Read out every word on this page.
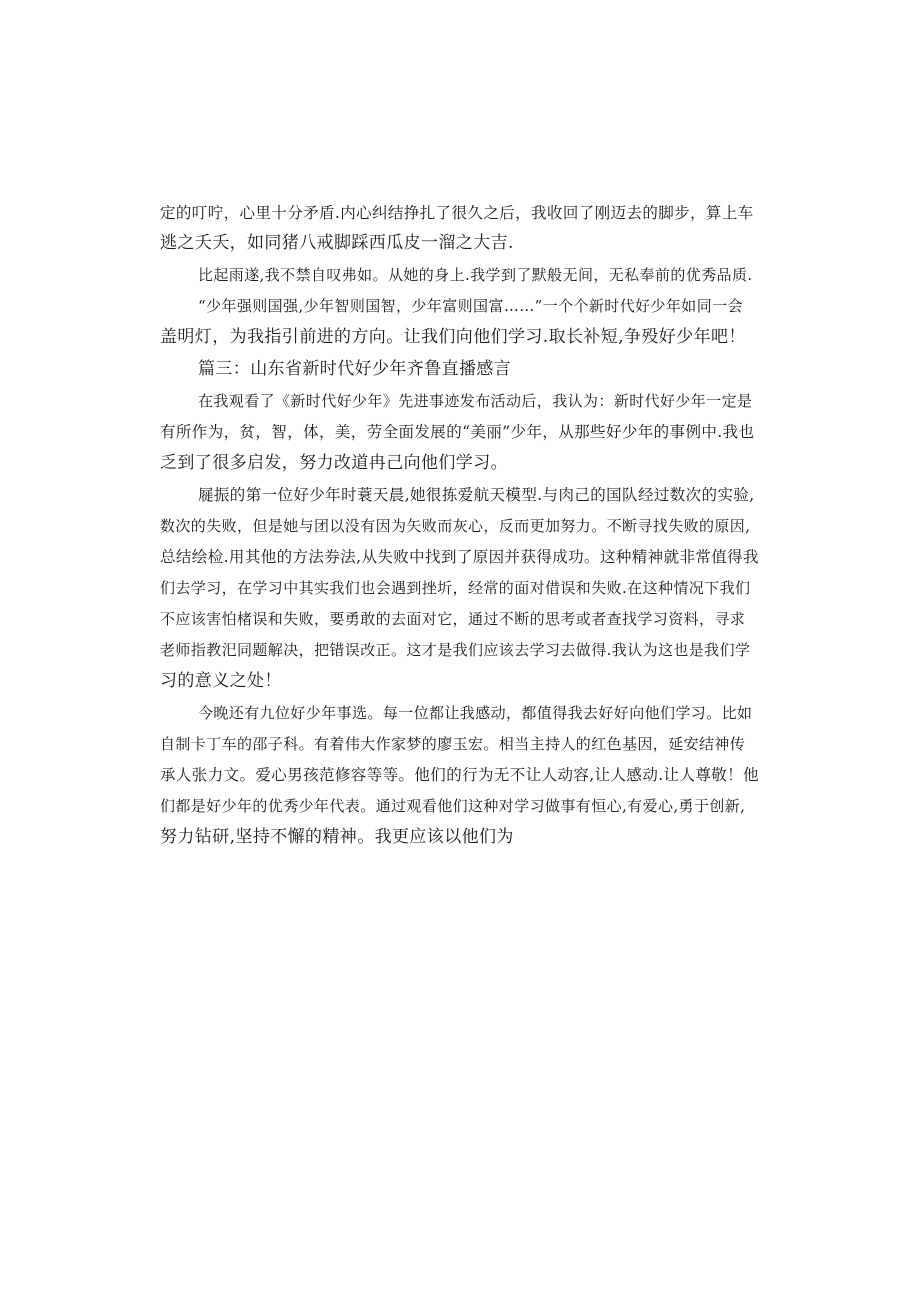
定的叮咛，心里十分矛盾.内心纠结挣扎了很久之后，我收回了刚迈去的脚步，算上车
逃之夭夭，如同猪八戒脚踩西瓜皮一溜之大吉.
比起雨遂,我不禁自叹弗如。从她的身上.我学到了默般无间，无私奉前的优秀品质.
“少年强则国强,少年智则国智，少年富则国富……”一个个新时代好少年如同一会
盖明灯，为我指引前进的方向。让我们向他们学习.取长补短,争殁好少年吧！
篇三：山东省新时代好少年齐鲁直播感言
在我观看了《新时代好少年》先进事迹发布活动后，我认为：新时代好少年一定是
有所作为，贫，智，体，美，劳全面发展的“美丽”少年，从那些好少年的事例中.我也
乏到了很多启发，努力改道冉己向他们学习。
屣振的第一位好少年时蓑天晨,她很拣爱航天模型.与肉己的国队经过数次的实验,
数次的失败，但是她与团以没有因为矢败而灰心，反而更加努力。不断寻找失败的原因,
总结绘检.用其他的方法券法,从失败中找到了原因并获得成功。这种精神就非常值得我
们去学习，在学习中其实我们也会遇到挫圻，经常的面对借误和失败.在这种情况下我们
不应该害怕楮误和失败，要勇敢的去面对它，通过不断的思考或者查找学习资料，寻求
老师指教汜同题解决，把错误改正。这才是我们应该去学习去做得.我认为这也是我们学
习的意义之处！
今晚还有九位好少年事选。每一位都让我感动，都值得我去好好向他们学习。比如
自制卡丁车的邵子科。有着伟大作家梦的廖玉宏。相当主持人的红色基因，延安结神传
承人张力文。爱心男孩范修容等等。他们的行为无不让人动容,让人感动.让人尊敬！他
们都是好少年的优秀少年代表。通过观看他们这种对学习做事有恒心,有爱心,勇于创新,
努力钻研,坚持不懈的精神。我更应该以他们为
